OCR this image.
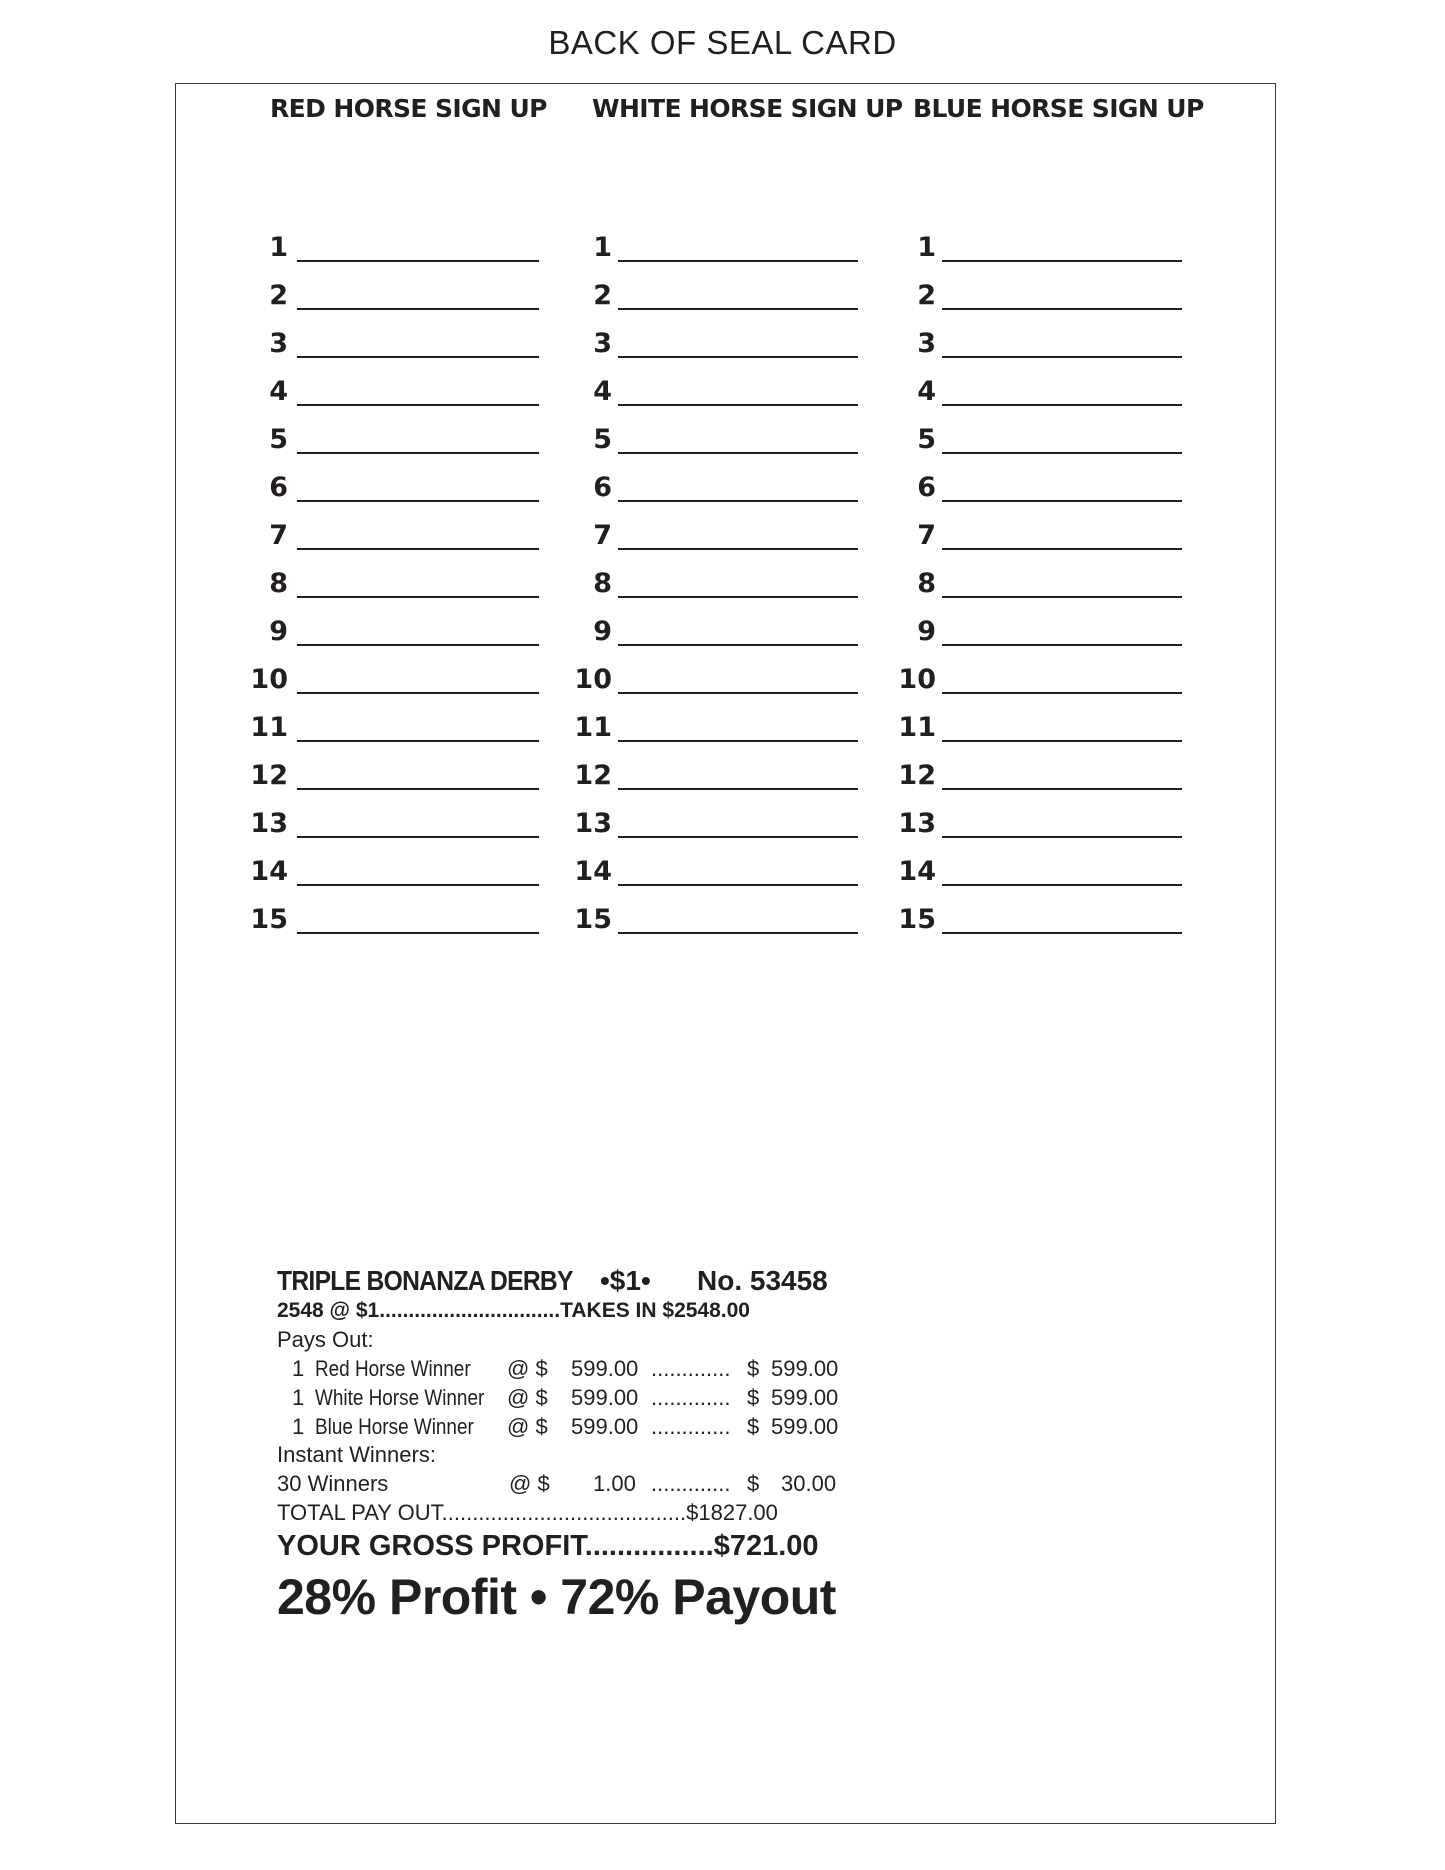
BACK OF SEAL CARD
RED HORSE SIGN UP WHITE HORSE SIGN UP BLUE HORSE SIGN UP
1
2
3
4
5
6
7
8
9
10
11
12
13
14
15
1
2
3
4
5
6
7
8
9
10
11
12
13
14
15
1
2
3
4
5
6
7
8
9
10
11
12
13
14
15
TRIPLE BONANZA DERBY •$1• No. 53458
2548 @ $1...............................TAKES IN $2548.00
Pays Out:
1 Red Horse Winner @ $ 599.00 ............. $ 599.00
1 White Horse Winner @ $ 599.00 ............. $ 599.00
1 Blue Horse Winner @ $ 599.00 ............. $ 599.00
Instant Winners:
30 Winners	@ $ 1.00 ............. $ 30.00
TOTAL PAY OUT........................................$1827.00
YOUR GROSS PROFIT................$721.00
28% Profit • 72% Payout
